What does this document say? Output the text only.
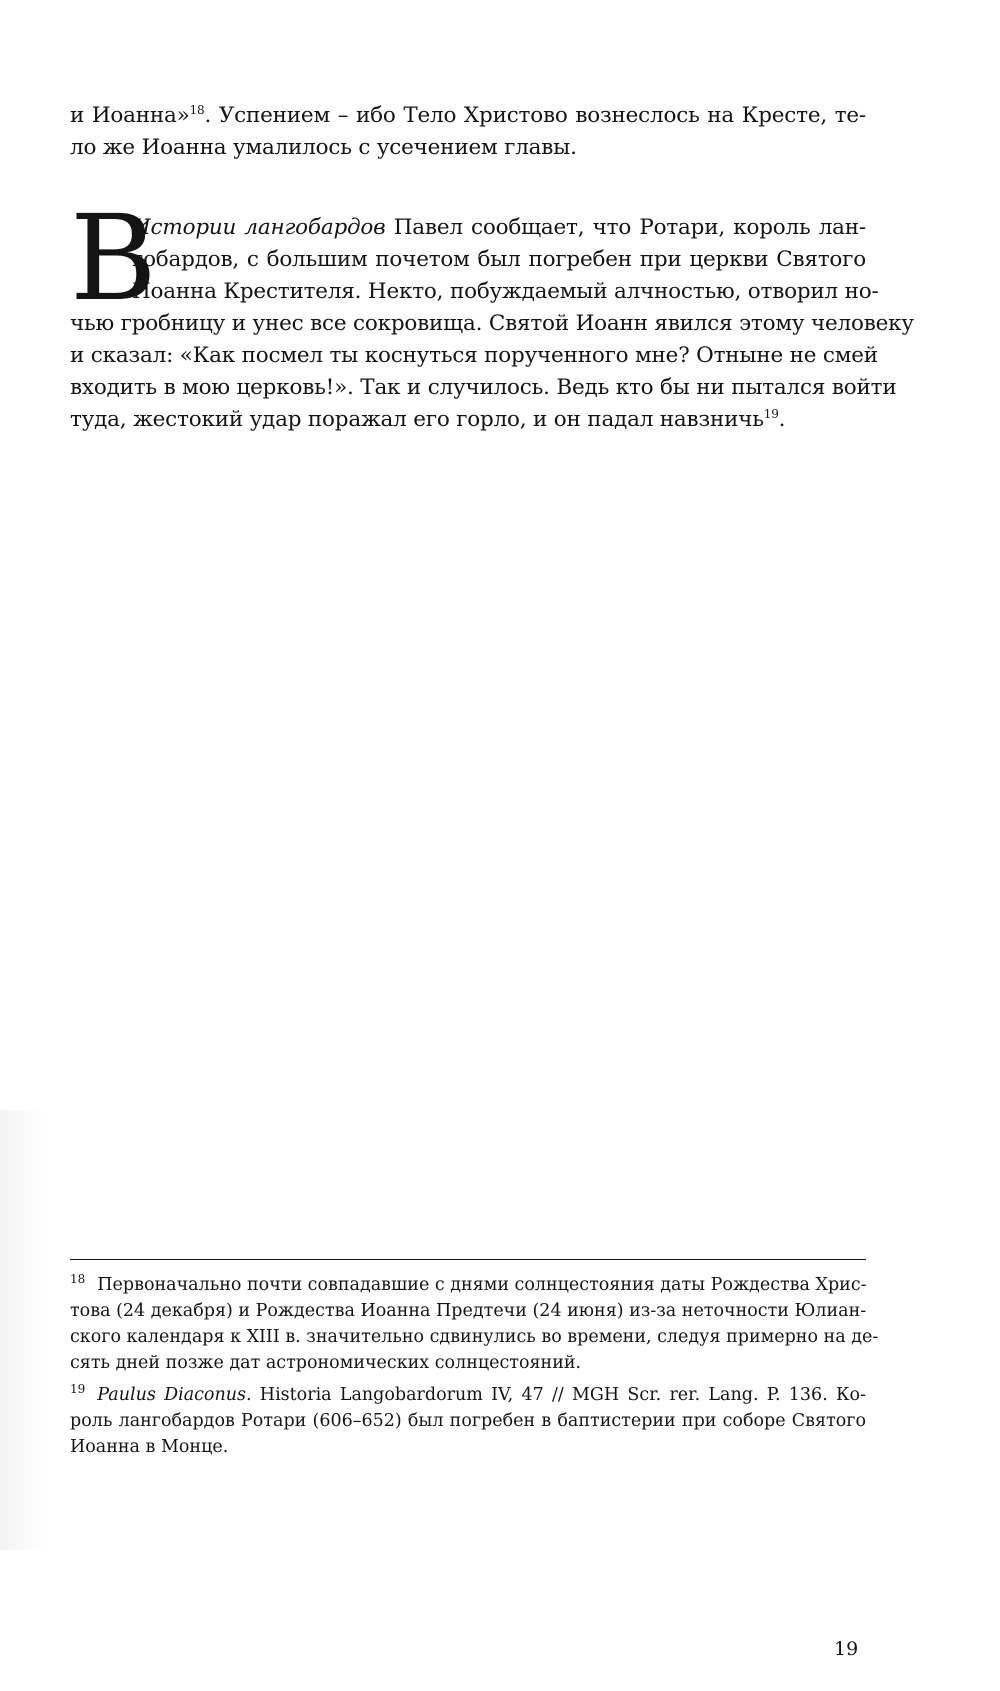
и Иоанна»$^{18}$. Успением – ибо Тело Христово вознеслось на Кресте, те-
ло же Иоанна умалилось с усечением главы.
В
Истории лангобардов Павел сообщает, что Ротари, король лан-
гобардов, с большим почетом был погребен при церкви Святого
Иоанна Крестителя. Некто, побуждаемый алчностью, отворил но-
чью гробницу и унес все сокровища. Святой Иоанн явился этому человеку
и сказал: «Как посмел ты коснуться порученного мне? Отныне не смей
входить в мою церковь!». Так и случилось. Ведь кто бы ни пытался войти
туда, жестокий удар поражал его горло, и он падал навзничь$^{19}$.
$^{18}$ Первоначально почти совпадавшие с днями солнцестояния даты Рождества Хрис-
това (24 декабря) и Рождества Иоанна Предтечи (24 июня) из-за неточности Юлиан-
ского календаря к XIII в. значительно сдвинулись во времени, следуя примерно на де-
сять дней позже дат астрономических солнцестояний.
$^{19}$ Paulus Diaconus. Historia Langobardorum IV, 47 // MGH Scr. rer. Lang. P. 136. Ко-
роль лангобардов Ротари (606–652) был погребен в баптистерии при соборе Святого
Иоанна в Монце.
19
